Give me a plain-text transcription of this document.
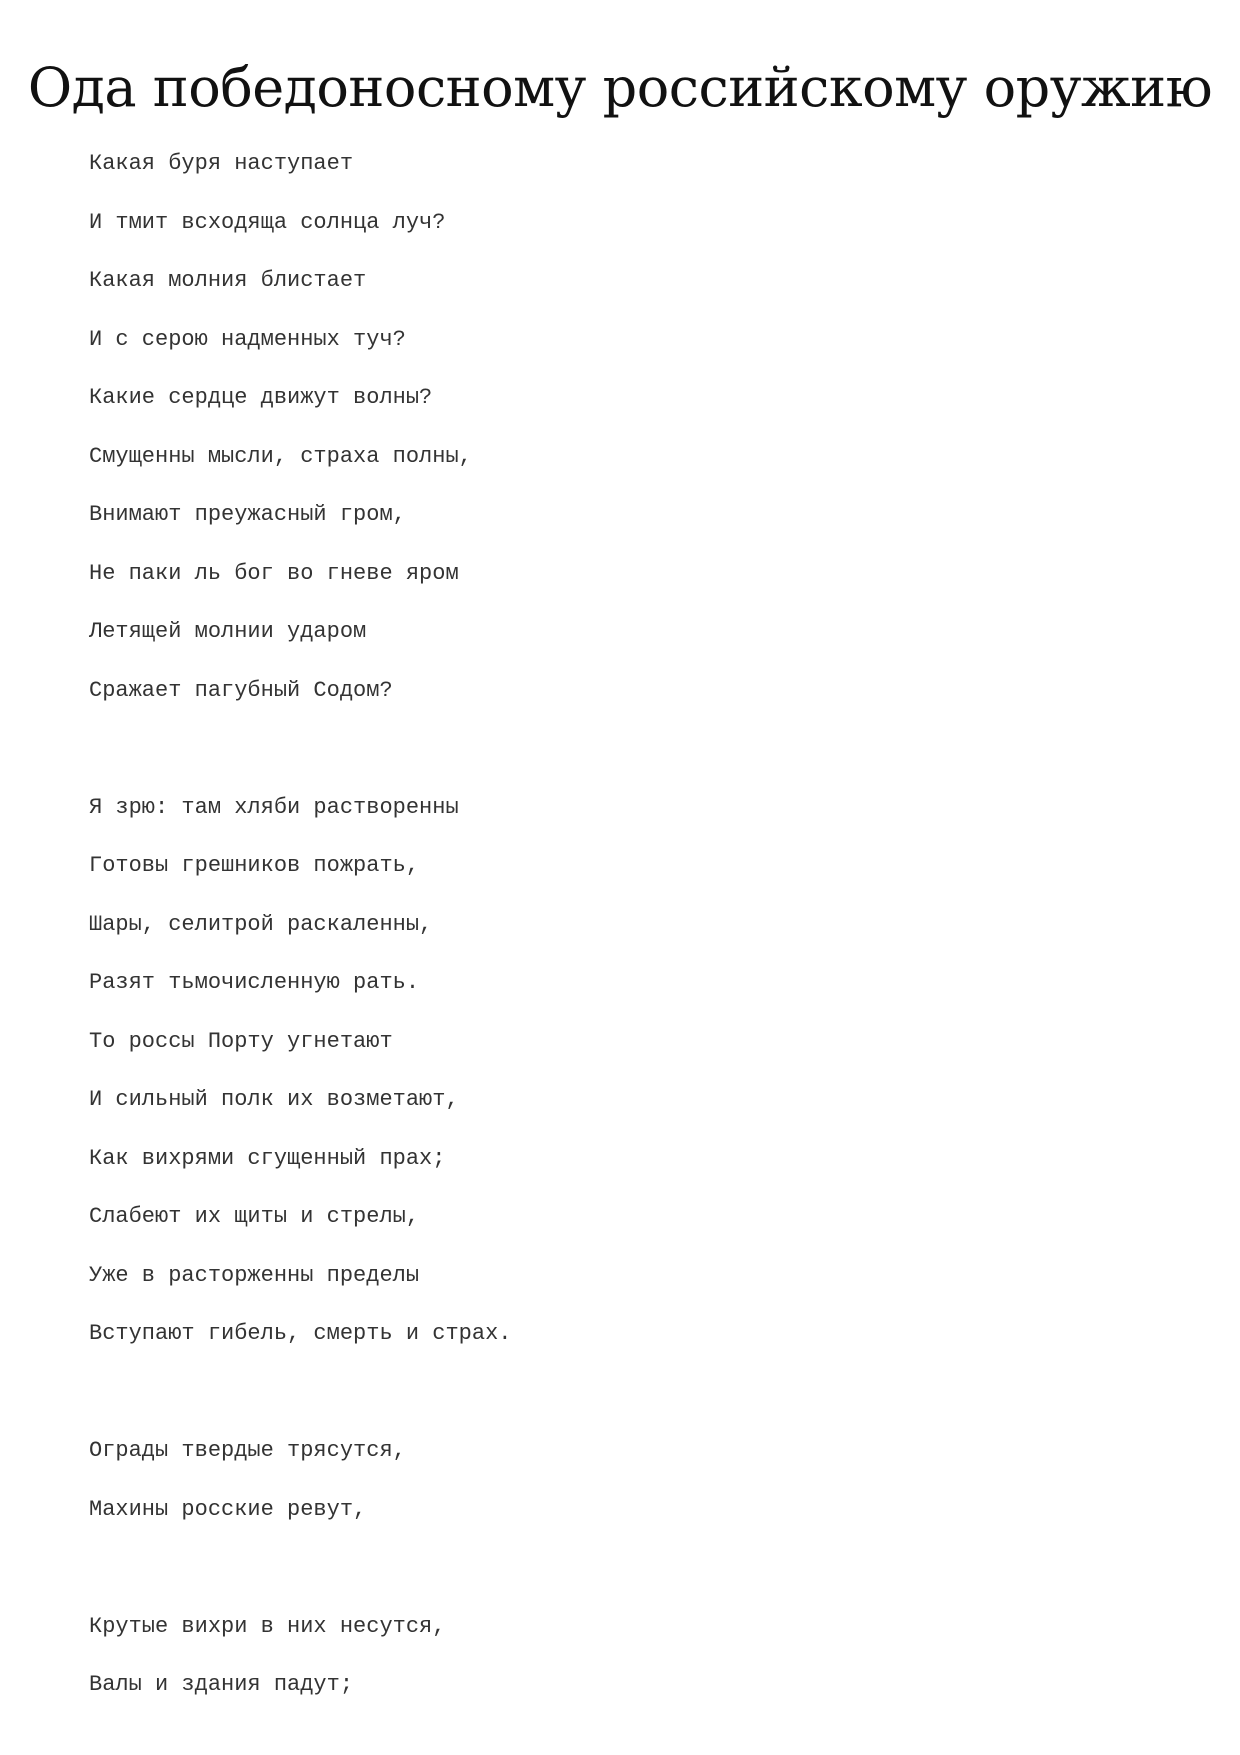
Ода победоносному российскому оружию
Какая буря наступает
И тмит всходяща солнца луч?
Какая молния блистает
И с серою надменных туч?
Какие сердце движут волны?
Смущенны мысли, страха полны,
Внимают преужасный гром,
Не паки ль бог во гневе яром
Летящей молнии ударом
Сражает пагубный Содом?
Я зрю: там хляби растворенны
Готовы грешников пожрать,
Шары, селитрой раскаленны,
Разят тьмочисленную рать.
То россы Порту угнетают
И сильный полк их возметают,
Как вихрями сгущенный прах;
Слабеют их щиты и стрелы,
Уже в расторженны пределы
Вступают гибель, смерть и страх.
Ограды твердые трясутся,
Махины росские ревут,
Крутые вихри в них несутся,
Валы и здания падут;
